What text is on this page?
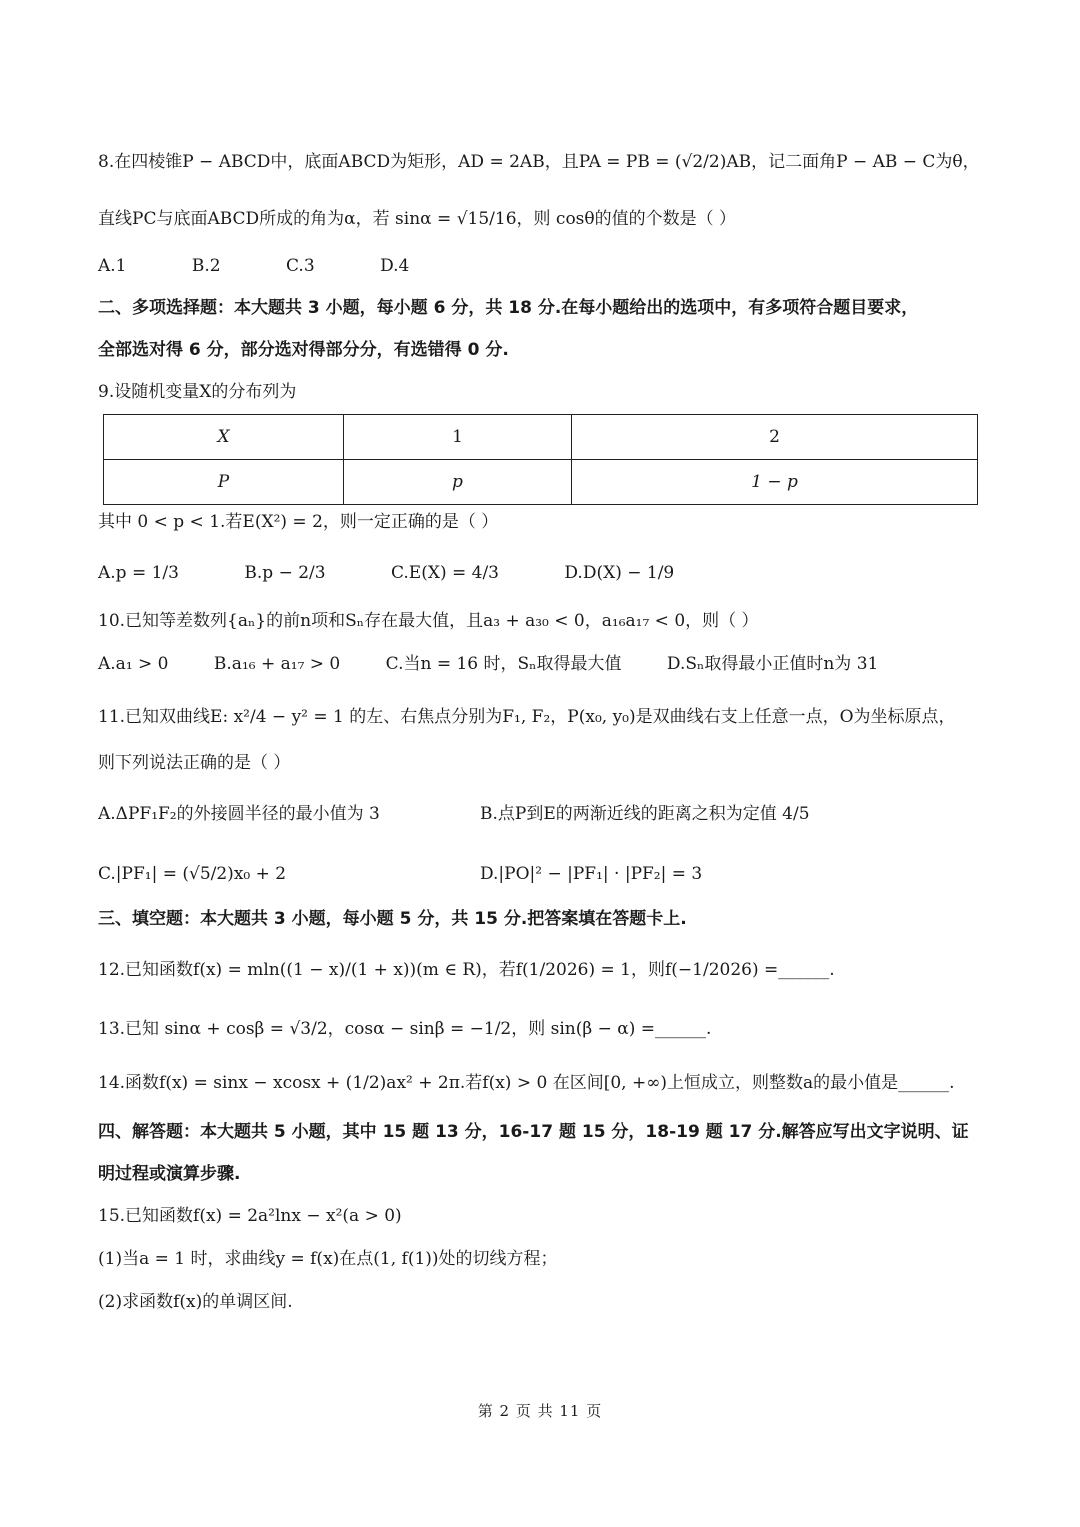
8.在四棱锥P − ABCD中，底面ABCD为矩形，AD = 2AB，且PA = PB = (√2/2)AB，记二面角P − AB − C为θ，
直线PC与底面ABCD所成的角为α，若 sinα = √15/16，则 cosθ的值的个数是（ ）
A.1	B.2	C.3	D.4
二、多项选择题：本大题共 3 小题，每小题 6 分，共 18 分.在每小题给出的选项中，有多项符合题目要求，
全部选对得 6 分，部分选对得部分分，有选错得 0 分.
9.设随机变量X的分布列为
X	1	2
P	p	1 − p
其中 0 < p < 1.若E(X²) = 2，则一定正确的是（ ）
A.p = 1/3	B.p − 2/3	C.E(X) = 4/3	D.D(X) − 1/9
10.已知等差数列{aₙ}的前n项和Sₙ存在最大值，且a₃ + a₃₀ < 0，a₁₆a₁₇ < 0，则（ ）
A.a₁ > 0	B.a₁₆ + a₁₇ > 0	C.当n = 16 时，Sₙ取得最大值	D.Sₙ取得最小正值时n为 31
11.已知双曲线E: x²/4 − y² = 1 的左、右焦点分别为F₁, F₂，P(x₀, y₀)是双曲线右支上任意一点，O为坐标原点，
则下列说法正确的是（ ）
A.ΔPF₁F₂的外接圆半径的最小值为 3	B.点P到E的两渐近线的距离之积为定值 4/5
C.|PF₁| = (√5/2)x₀ + 2	D.|PO|² − |PF₁| · |PF₂| = 3
三、填空题：本大题共 3 小题，每小题 5 分，共 15 分.把答案填在答题卡上.
12.已知函数f(x) = mln((1 − x)/(1 + x))(m ∈ R)，若f(1/2026) = 1，则f(−1/2026) =______.
13.已知 sinα + cosβ = √3/2，cosα − sinβ = −1/2，则 sin(β − α) =______.
14.函数f(x) = sinx − xcosx + (1/2)ax² + 2π.若f(x) > 0 在区间[0, +∞)上恒成立，则整数a的最小值是______.
四、解答题：本大题共 5 小题，其中 15 题 13 分，16-17 题 15 分，18-19 题 17 分.解答应写出文字说明、证
明过程或演算步骤.
15.已知函数f(x) = 2a²lnx − x²(a > 0)
(1)当a = 1 时，求曲线y = f(x)在点(1, f(1))处的切线方程；
(2)求函数f(x)的单调区间.
第 2 页 共 11 页
